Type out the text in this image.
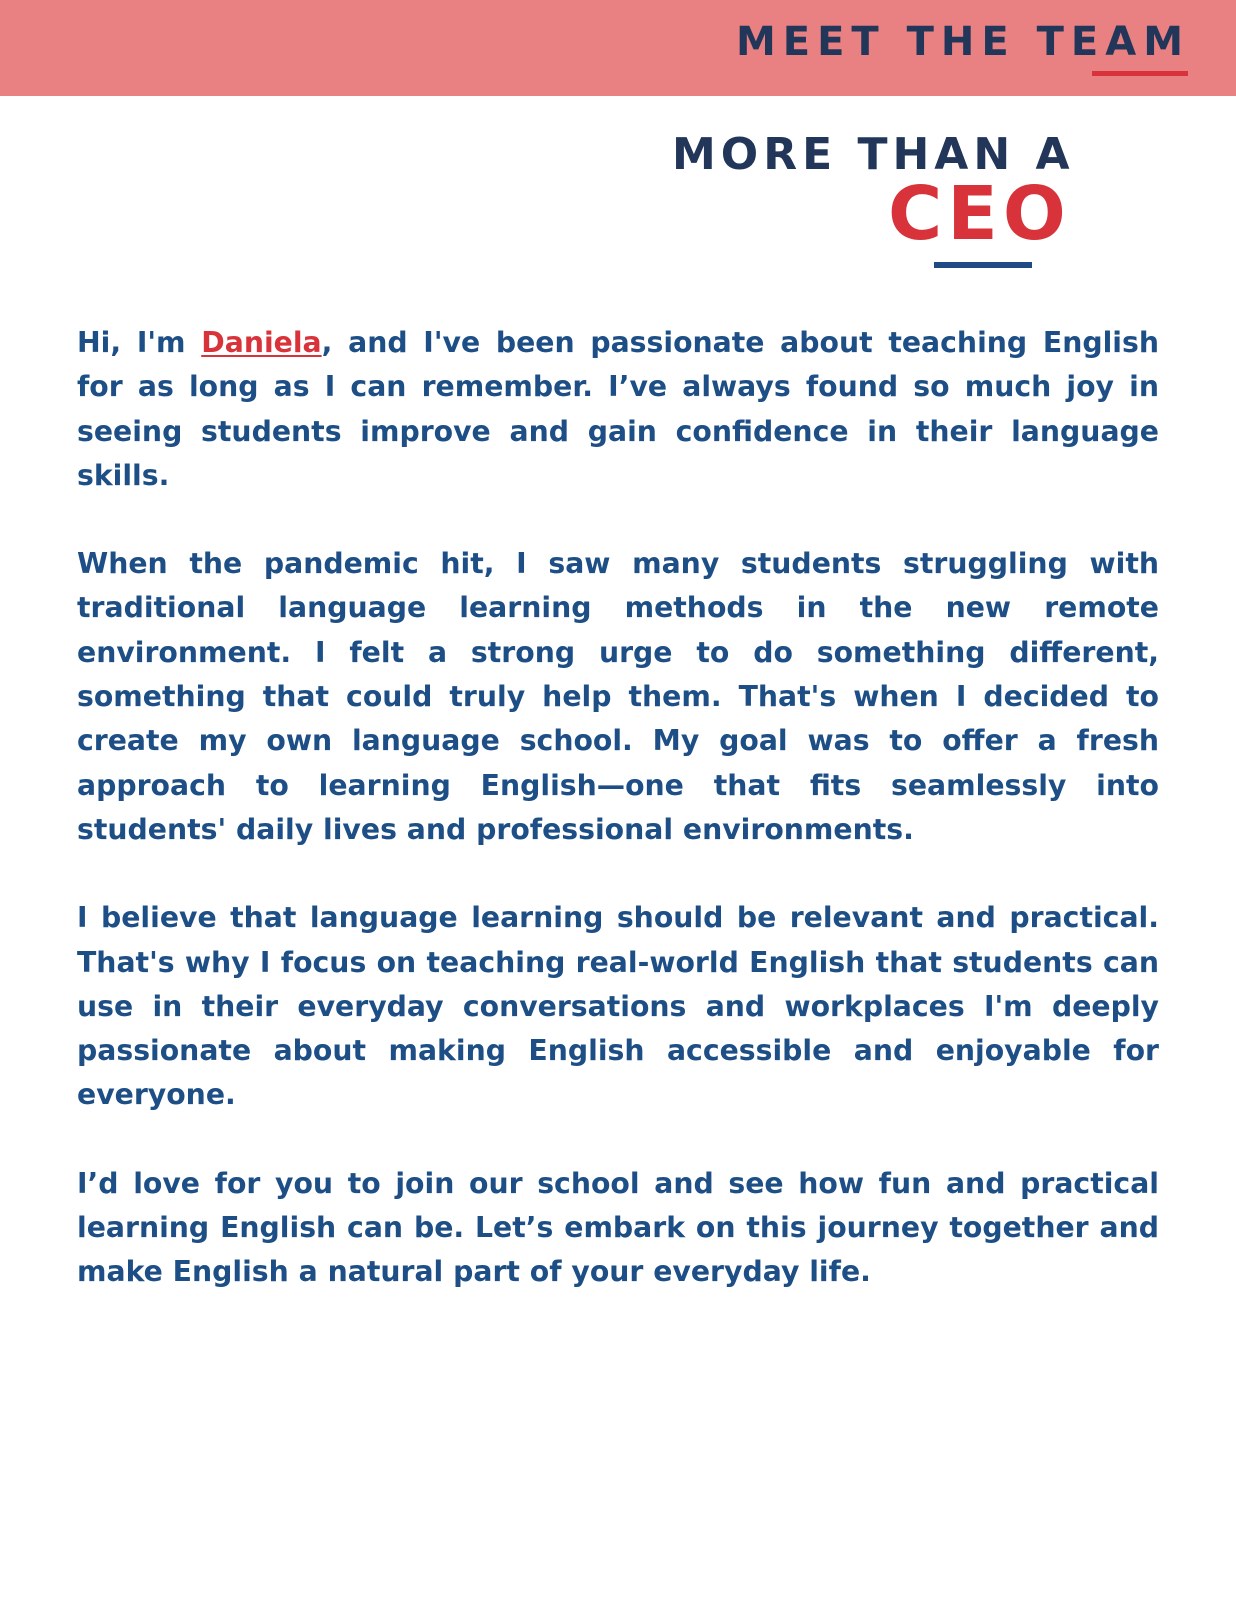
MEET THE TEAM
MORE THAN A
CEO

Hi, I'm Daniela, and I've been passionate about teaching English for as long as I can remember. I’ve always found so much joy in seeing students improve and gain confidence in their language skills.

When the pandemic hit, I saw many students struggling with traditional language learning methods in the new remote environment. I felt a strong urge to do something different, something that could truly help them. That's when I decided to create my own language school. My goal was to offer a fresh approach to learning English—one that fits seamlessly into students' daily lives and professional environments.

I believe that language learning should be relevant and practical. That's why I focus on teaching real-world English that students can use in their everyday conversations and workplaces I'm deeply passionate about making English accessible and enjoyable for everyone.

I’d love for you to join our school and see how fun and practical learning English can be. Let’s embark on this journey together and make English a natural part of your everyday life.
